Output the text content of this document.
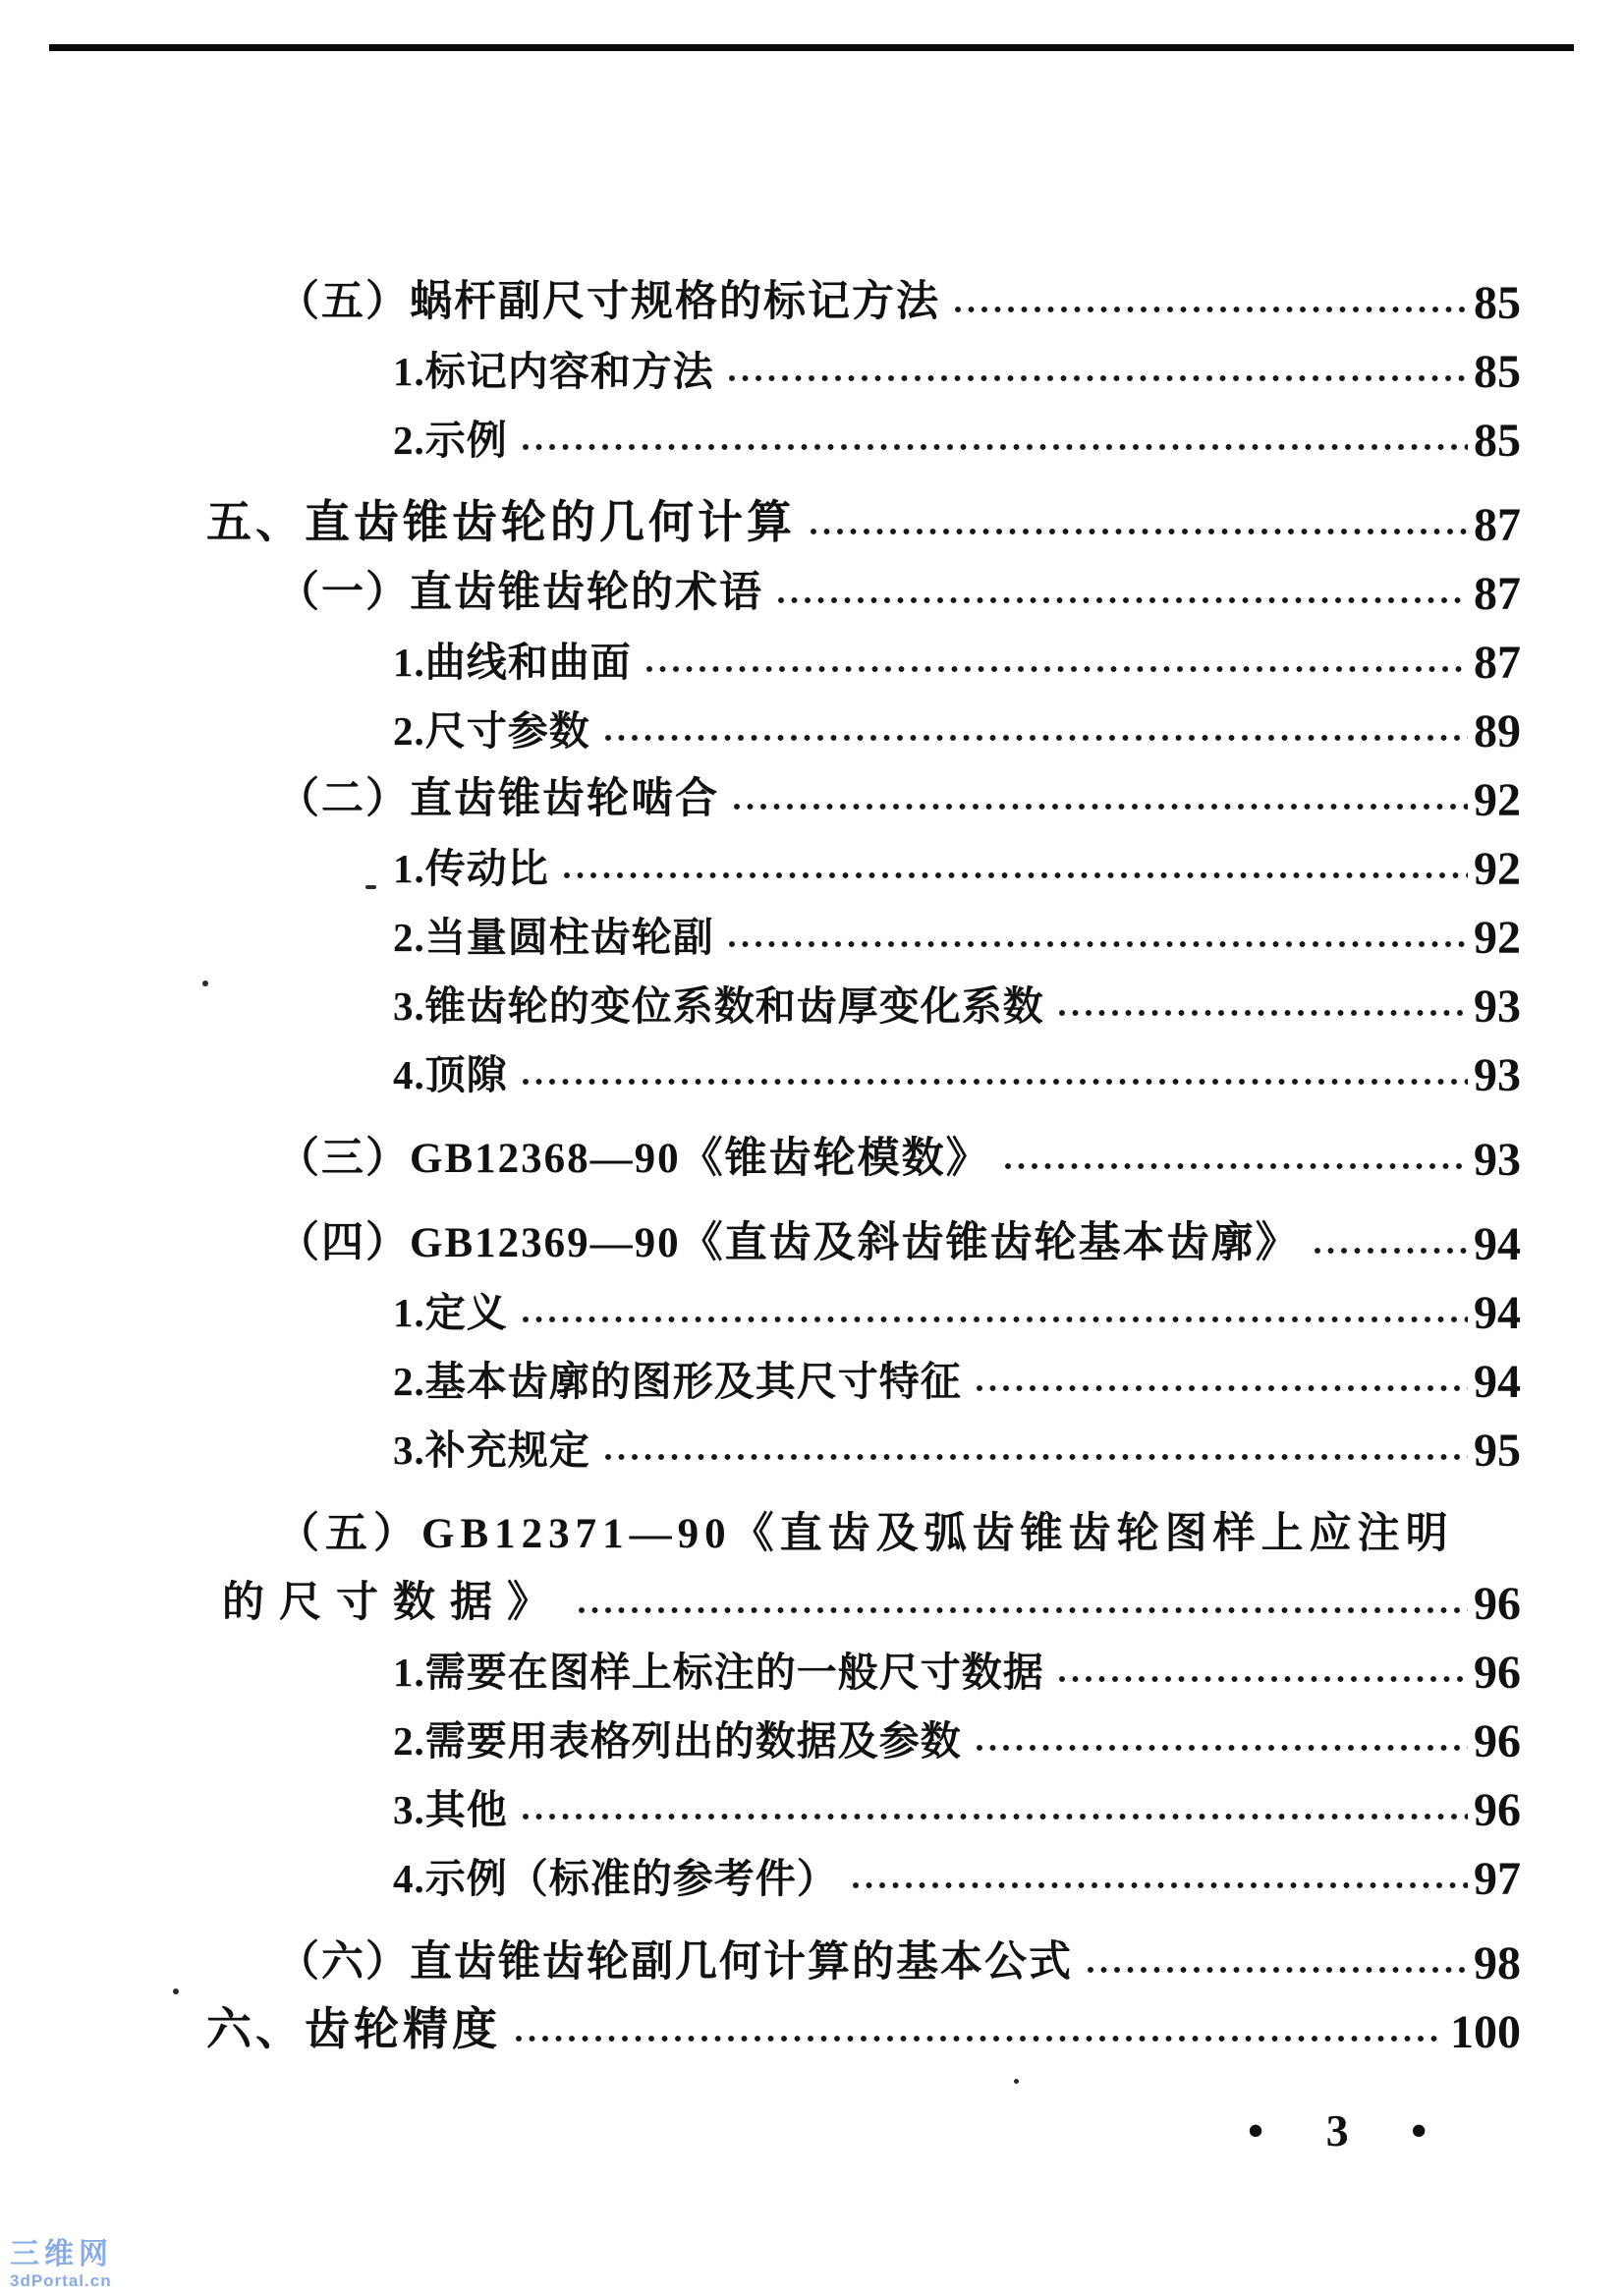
（五）蜗杆副尺寸规格的标记方法	85
1.标记内容和方法	85
2.示例	85
五、直齿锥齿轮的几何计算	87
（一）直齿锥齿轮的术语	87
1.曲线和曲面	87
2.尺寸参数	89
（二）直齿锥齿轮啮合	92
1.传动比	92
2.当量圆柱齿轮副	92
3.锥齿轮的变位系数和齿厚变化系数	93
4.顶隙	93
（三）GB12368—90《锥齿轮模数》	93
（四）GB12369—90《直齿及斜齿锥齿轮基本齿廓》	94
1.定义	94
2.基本齿廓的图形及其尺寸特征	94
3.补充规定	95
（五）GB12371—90《直齿及弧齿锥齿轮图样上应注明
的尺寸数据》	96
1.需要在图样上标注的一般尺寸数据	96
2.需要用表格列出的数据及参数	96
3.其他	96
4.示例（标准的参考件）	97
（六）直齿锥齿轮副几何计算的基本公式	98
六、齿轮精度	100
• 3 •
三维网
3dPortal.cn
